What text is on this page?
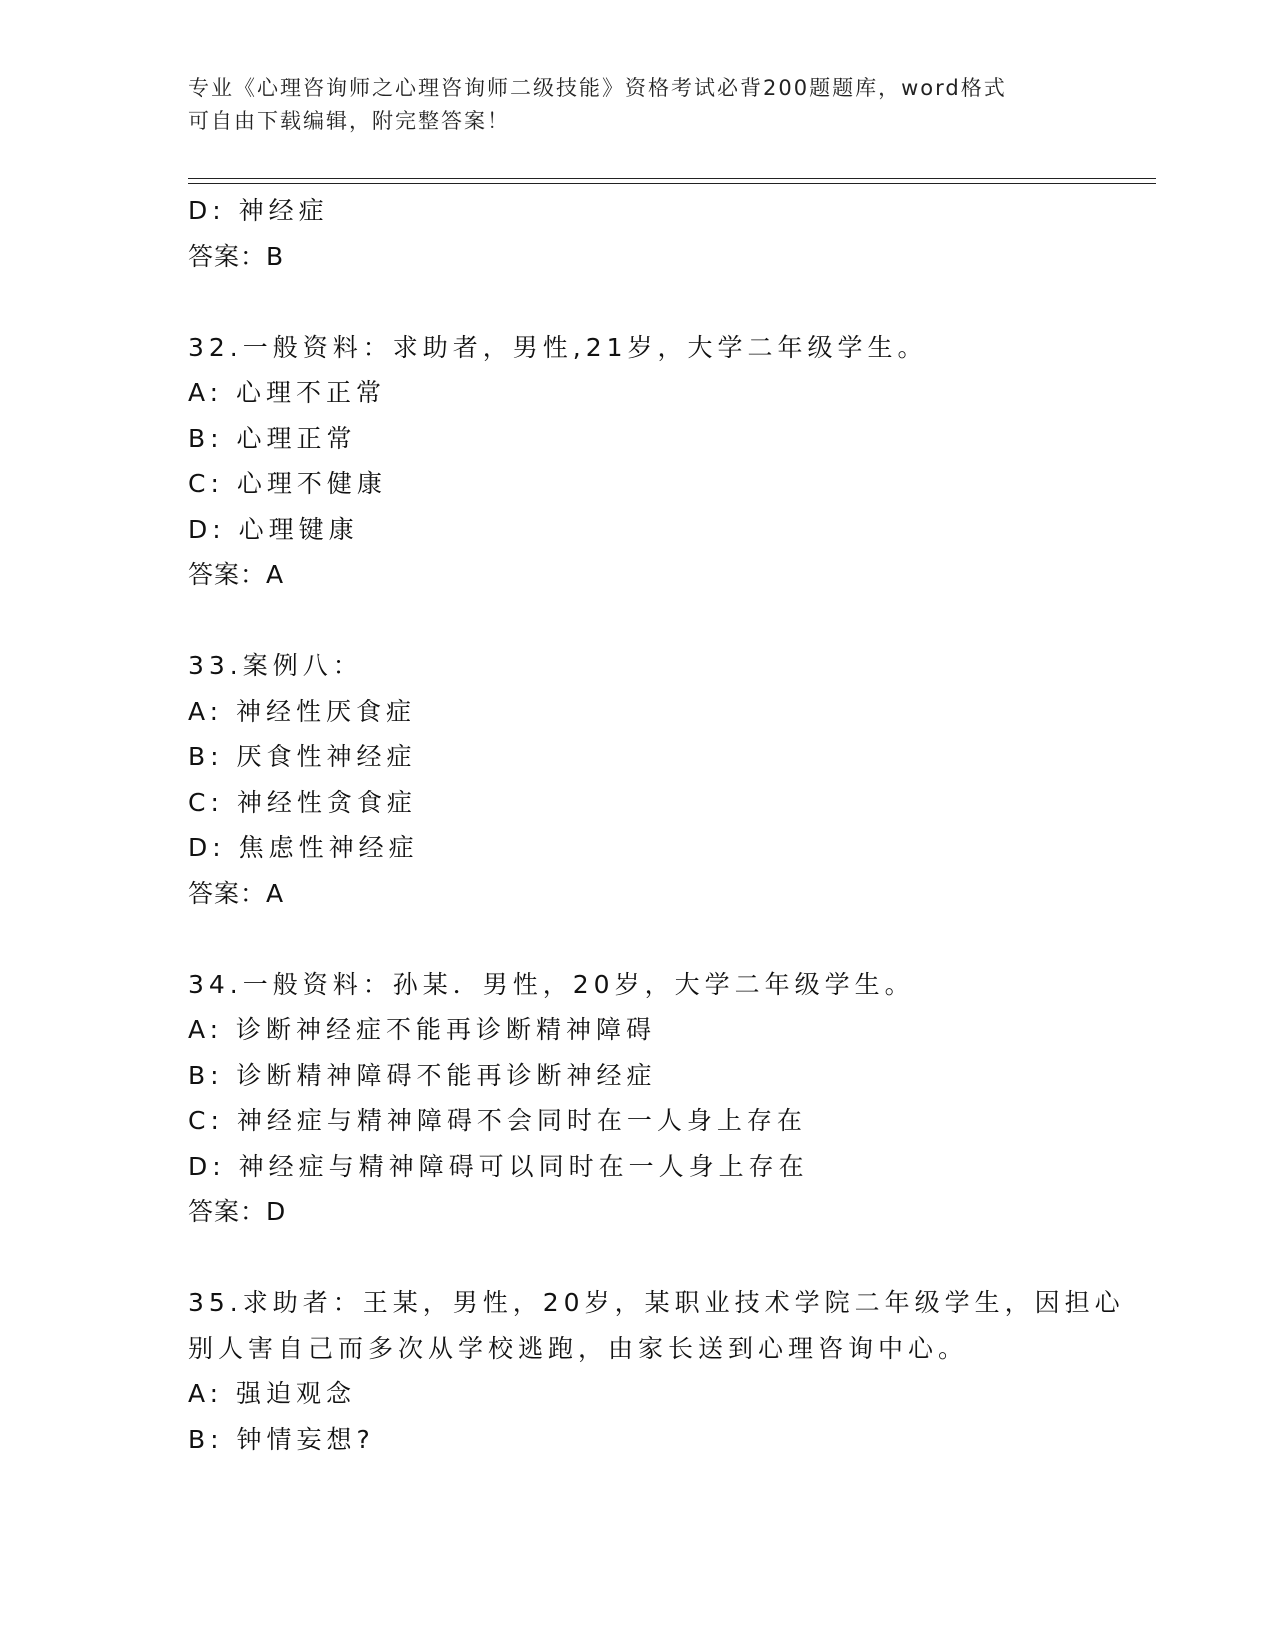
专业《心理咨询师之心理咨询师二级技能》资格考试必背200题题库，word格式
可自由下载编辑，附完整答案！
D: 神经症
答案：B
32.一般资料：求助者，男性,21岁，大学二年级学生。
A: 心理不正常
B: 心理正常
C: 心理不健康
D: 心理键康
答案：A
33.案例八：
A: 神经性厌食症
B: 厌食性神经症
C: 神经性贪食症
D: 焦虑性神经症
答案：A
34.一般资料：孙某．男性，20岁，大学二年级学生。
A: 诊断神经症不能再诊断精神障碍
B: 诊断精神障碍不能再诊断神经症
C: 神经症与精神障碍不会同时在一人身上存在
D: 神经症与精神障碍可以同时在一人身上存在
答案：D
35.求助者：王某，男性，20岁，某职业技术学院二年级学生，因担心
别人害自己而多次从学校逃跑，由家长送到心理咨询中心。
A: 强迫观念
B: 钟情妄想?
